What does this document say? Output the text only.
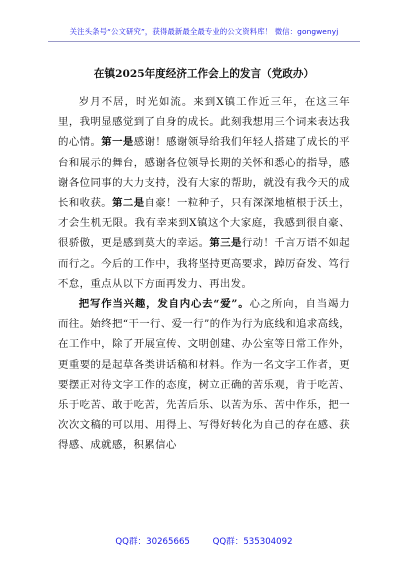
关注头条号“公文研究”，获得最新最全最专业的公文资料库！ 微信：gongwenyj
在镇2025年度经济工作会上的发言（党政办）

岁月不居，时光如流。来到X镇工作近三年，在这三年里，我明显感觉到了自身的成长。此刻我想用三个词来表达我的心情。第一是感谢！感谢领导给我们年轻人搭建了成长的平台和展示的舞台，感谢各位领导长期的关怀和悉心的指导，感谢各位同事的大力支持，没有大家的帮助，就没有我今天的成长和收获。第二是自豪！一粒种子，只有深深地植根于沃土，才会生机无限。我有幸来到X镇这个大家庭，我感到很自豪、很骄傲，更是感到莫大的幸运。第三是行动！千言万语不如起而行之。今后的工作中，我将坚持更高要求，踔厉奋发、笃行不怠，重点从以下方面再发力、再出发。

把写作当兴趣，发自内心去“爱”。心之所向，自当竭力而往。始终把“干一行、爱一行”的作为行为底线和追求高线，在工作中，除了开展宣传、文明创建、办公室等日常工作外，更重要的是起草各类讲话稿和材料。作为一名文字工作者，更要摆正对待文字工作的态度，树立正确的苦乐观，肯于吃苦、乐于吃苦、敢于吃苦，先苦后乐、以苦为乐、苦中作乐，把一次次文稿的可以用、用得上、写得好转化为自己的存在感、获得感、成就感，积累信心

QQ群：30265665	QQ群：535304092
